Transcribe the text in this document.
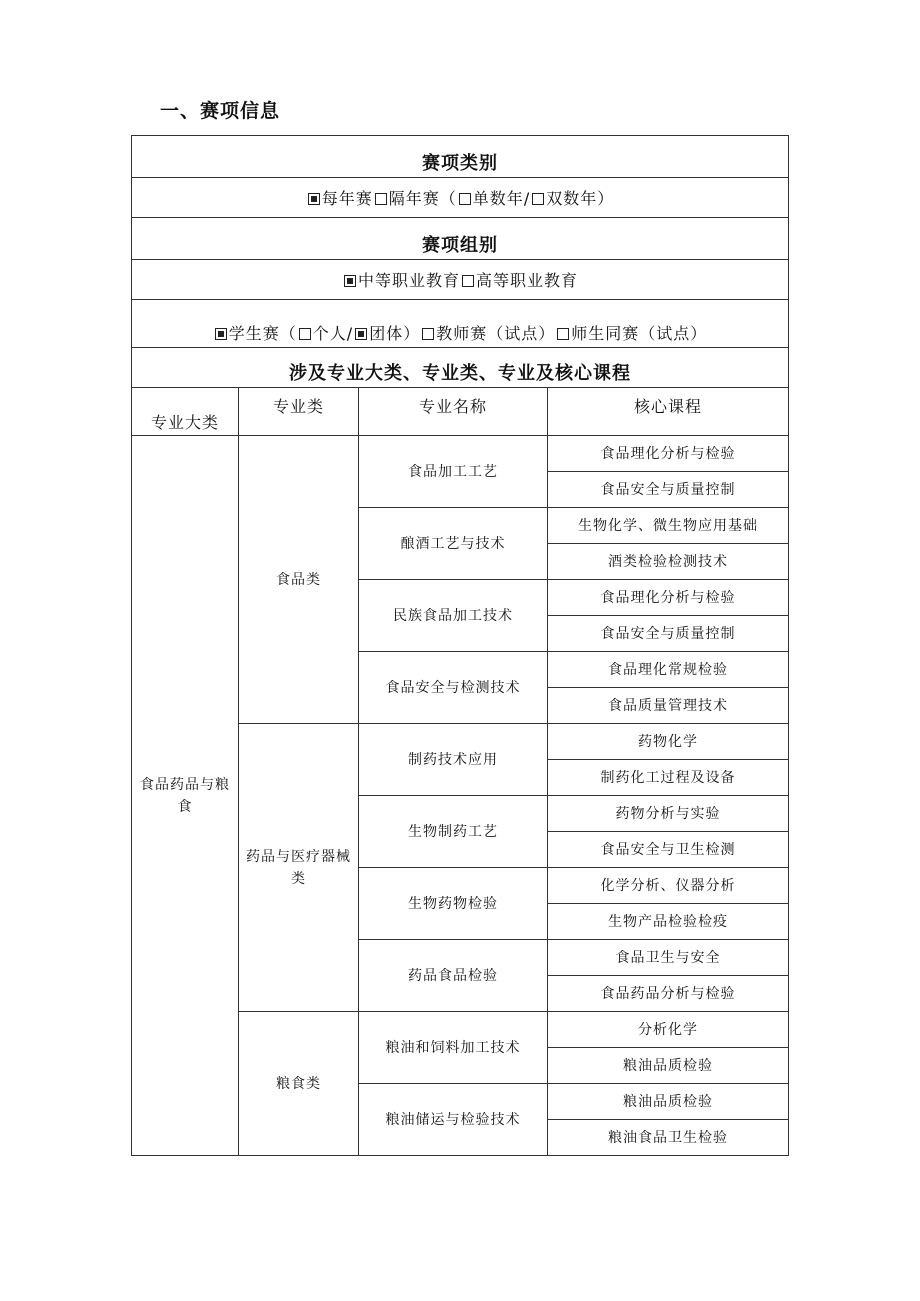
一、赛项信息
赛项类别			
每年赛 隔年赛（ 单数年/ 双数年）			
赛项组别			
中等职业教育 高等职业教育			
学生赛（ 个人/ 团体） 教师赛（试点） 师生同赛（试点）			
涉及专业大类、专业类、专业及核心课程			
专业大类	专业类	专业名称	核心课程
食品药品与粮食	食品类	食品加工工艺	食品理化分析与检验
			食品安全与质量控制
		酿酒工艺与技术	生物化学、微生物应用基础
			酒类检验检测技术
		民族食品加工技术	食品理化分析与检验
			食品安全与质量控制
		食品安全与检测技术	食品理化常规检验
			食品质量管理技术
	药品与医疗器械类	制药技术应用	药物化学
			制药化工过程及设备
		生物制药工艺	药物分析与实验
			食品安全与卫生检测
		生物药物检验	化学分析、仪器分析
			生物产品检验检疫
		药品食品检验	食品卫生与安全
			食品药品分析与检验
	粮食类	粮油和饲料加工技术	分析化学
			粮油品质检验
		粮油储运与检验技术	粮油品质检验
			粮油食品卫生检验
